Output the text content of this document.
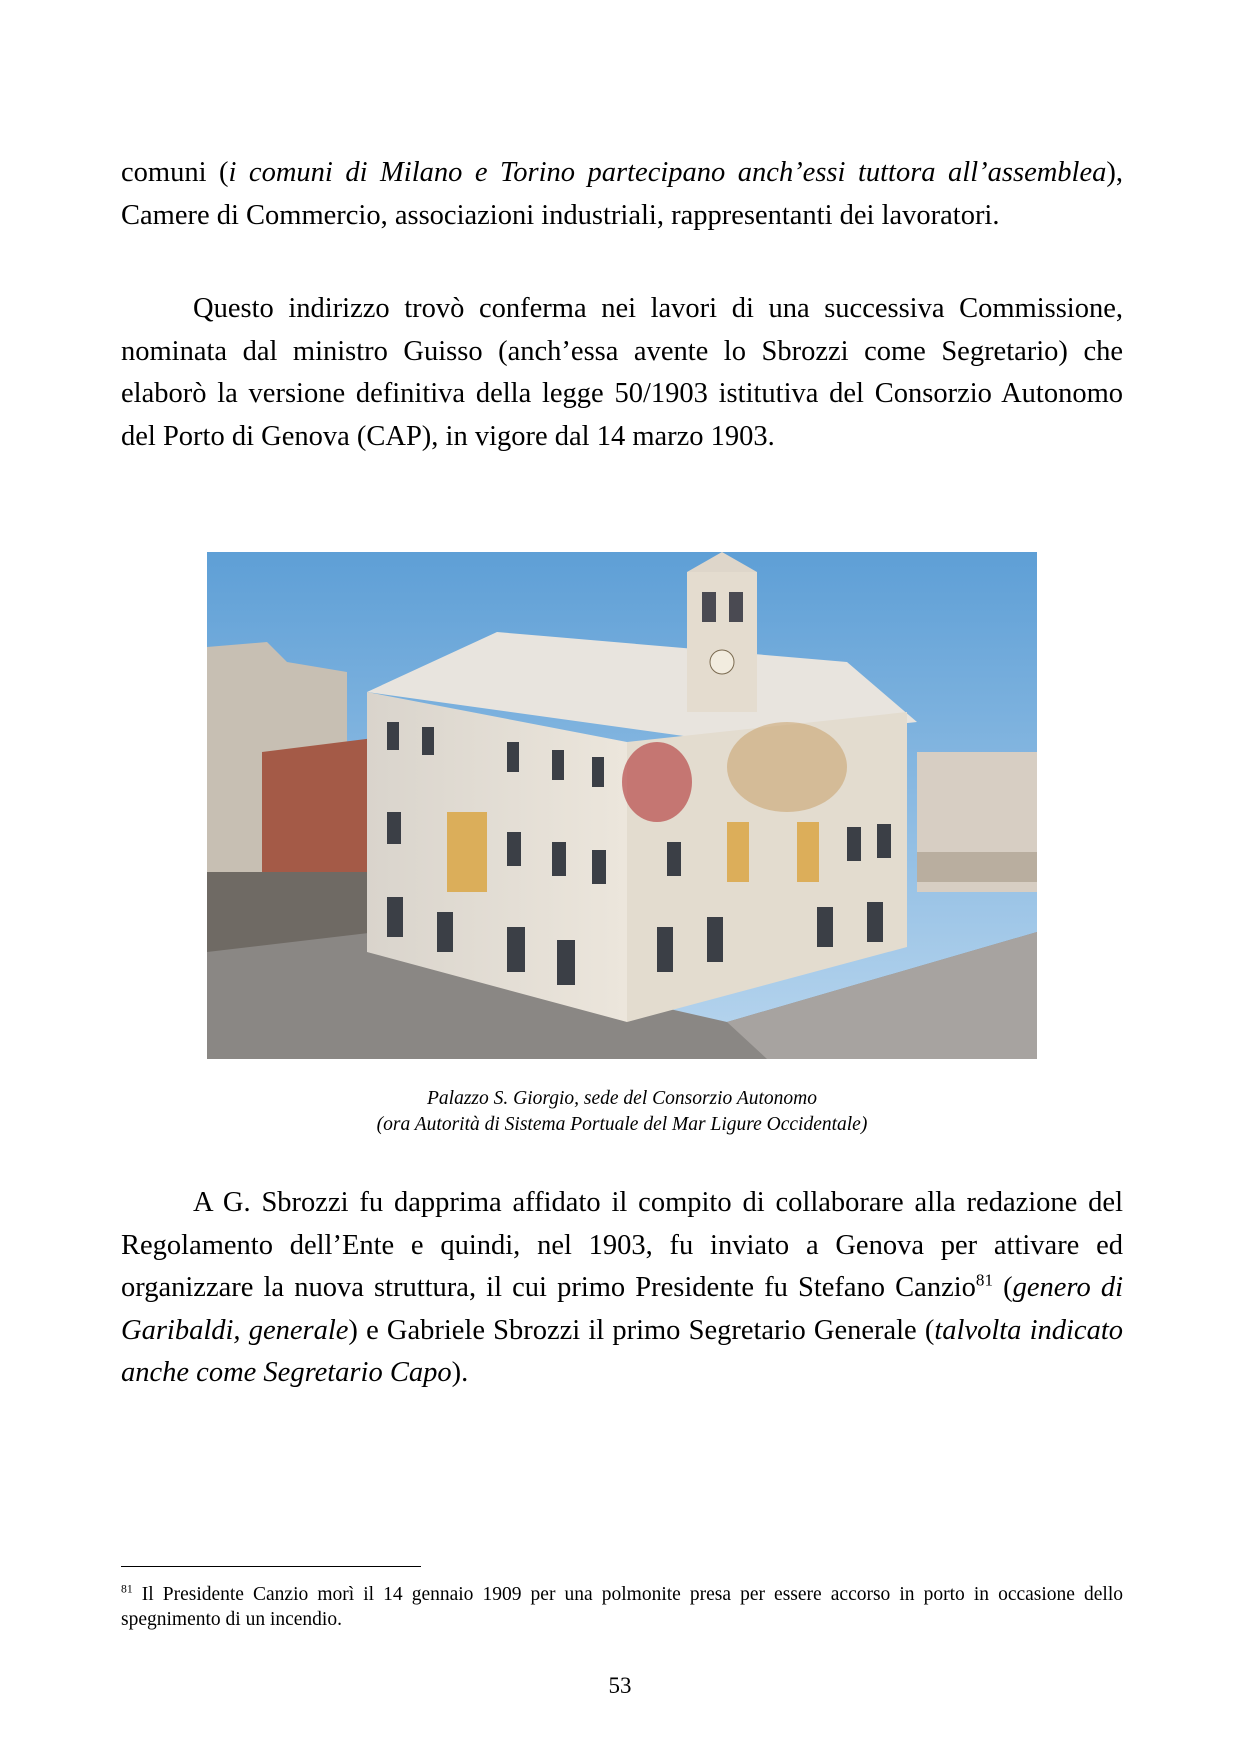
comuni (i comuni di Milano e Torino partecipano anch’essi tuttora all’assemblea), Camere di Commercio, associazioni industriali, rappresentanti dei lavoratori.

Questo indirizzo trovò conferma nei lavori di una successiva Commissione, nominata dal ministro Guisso (anch’essa avente lo Sbrozzi come Segretario) che elaborò la versione definitiva della legge 50/1903 istitutiva del Consorzio Autonomo del Porto di Genova (CAP), in vigore dal 14 marzo 1903.

Palazzo S. Giorgio, sede del Consorzio Autonomo
(ora Autorità di Sistema Portuale del Mar Ligure Occidentale)

A G. Sbrozzi fu dapprima affidato il compito di collaborare alla redazione del Regolamento dell’Ente e quindi, nel 1903, fu inviato a Genova per attivare ed organizzare la nuova struttura, il cui primo Presidente fu Stefano Canzio$^{81}$ (genero di Garibaldi, generale) e Gabriele Sbrozzi il primo Segretario Generale (talvolta indicato anche come Segretario Capo).

$^{81}$ Il Presidente Canzio morì il 14 gennaio 1909 per una polmonite presa per essere accorso in porto in occasione dello spegnimento di un incendio.
53
